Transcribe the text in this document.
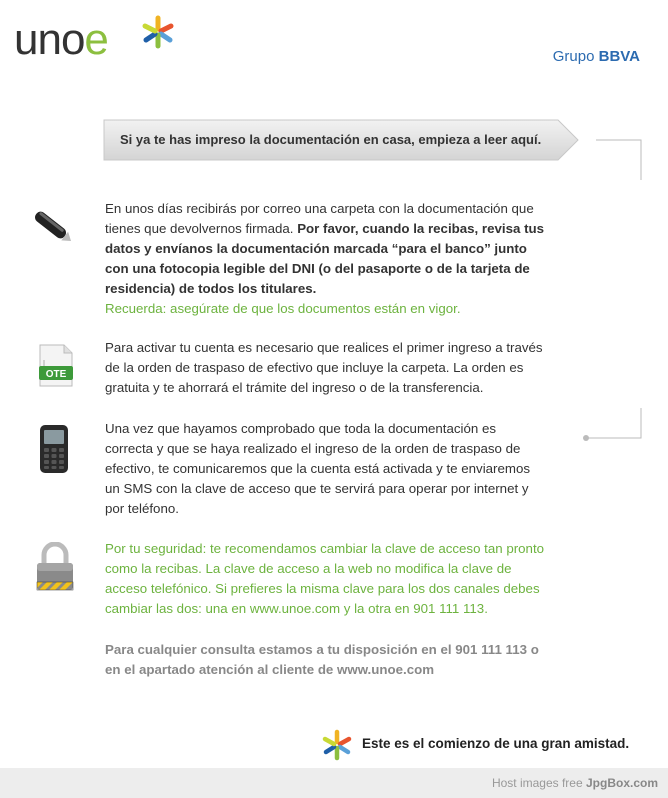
unoe	Grupo BBVA
Si ya te has impreso la documentación en casa, empieza a leer aquí.
En unos días recibirás por correo una carpeta con la documentación que tienes que devolvernos firmada. Por favor, cuando la recibas, revisa tus datos y envíanos la documentación marcada “para el banco” junto con una fotocopia legible del DNI (o del pasaporte o de la tarjeta de residencia) de todos los titulares.
Recuerda: asegúrate de que los documentos están en vigor.
OTE
Para activar tu cuenta es necesario que realices el primer ingreso a través de la orden de traspaso de efectivo que incluye la carpeta. La orden es gratuita y te ahorrará el trámite del ingreso o de la transferencia.
Una vez que hayamos comprobado que toda la documentación es correcta y que se haya realizado el ingreso de la orden de traspaso de efectivo, te comunicaremos que la cuenta está activada y te enviaremos un SMS con la clave de acceso que te servirá para operar por internet y por teléfono.
Por tu seguridad: te recomendamos cambiar la clave de acceso tan pronto como la recibas. La clave de acceso a la web no modifica la clave de acceso telefónico. Si prefieres la misma clave para los dos canales debes cambiar las dos: una en www.unoe.com y la otra en 901 111 113.
Para cualquier consulta estamos a tu disposición en el 901 111 113 o en el apartado atención al cliente de www.unoe.com
Este es el comienzo de una gran amistad.
Host images free JpgBox.com
